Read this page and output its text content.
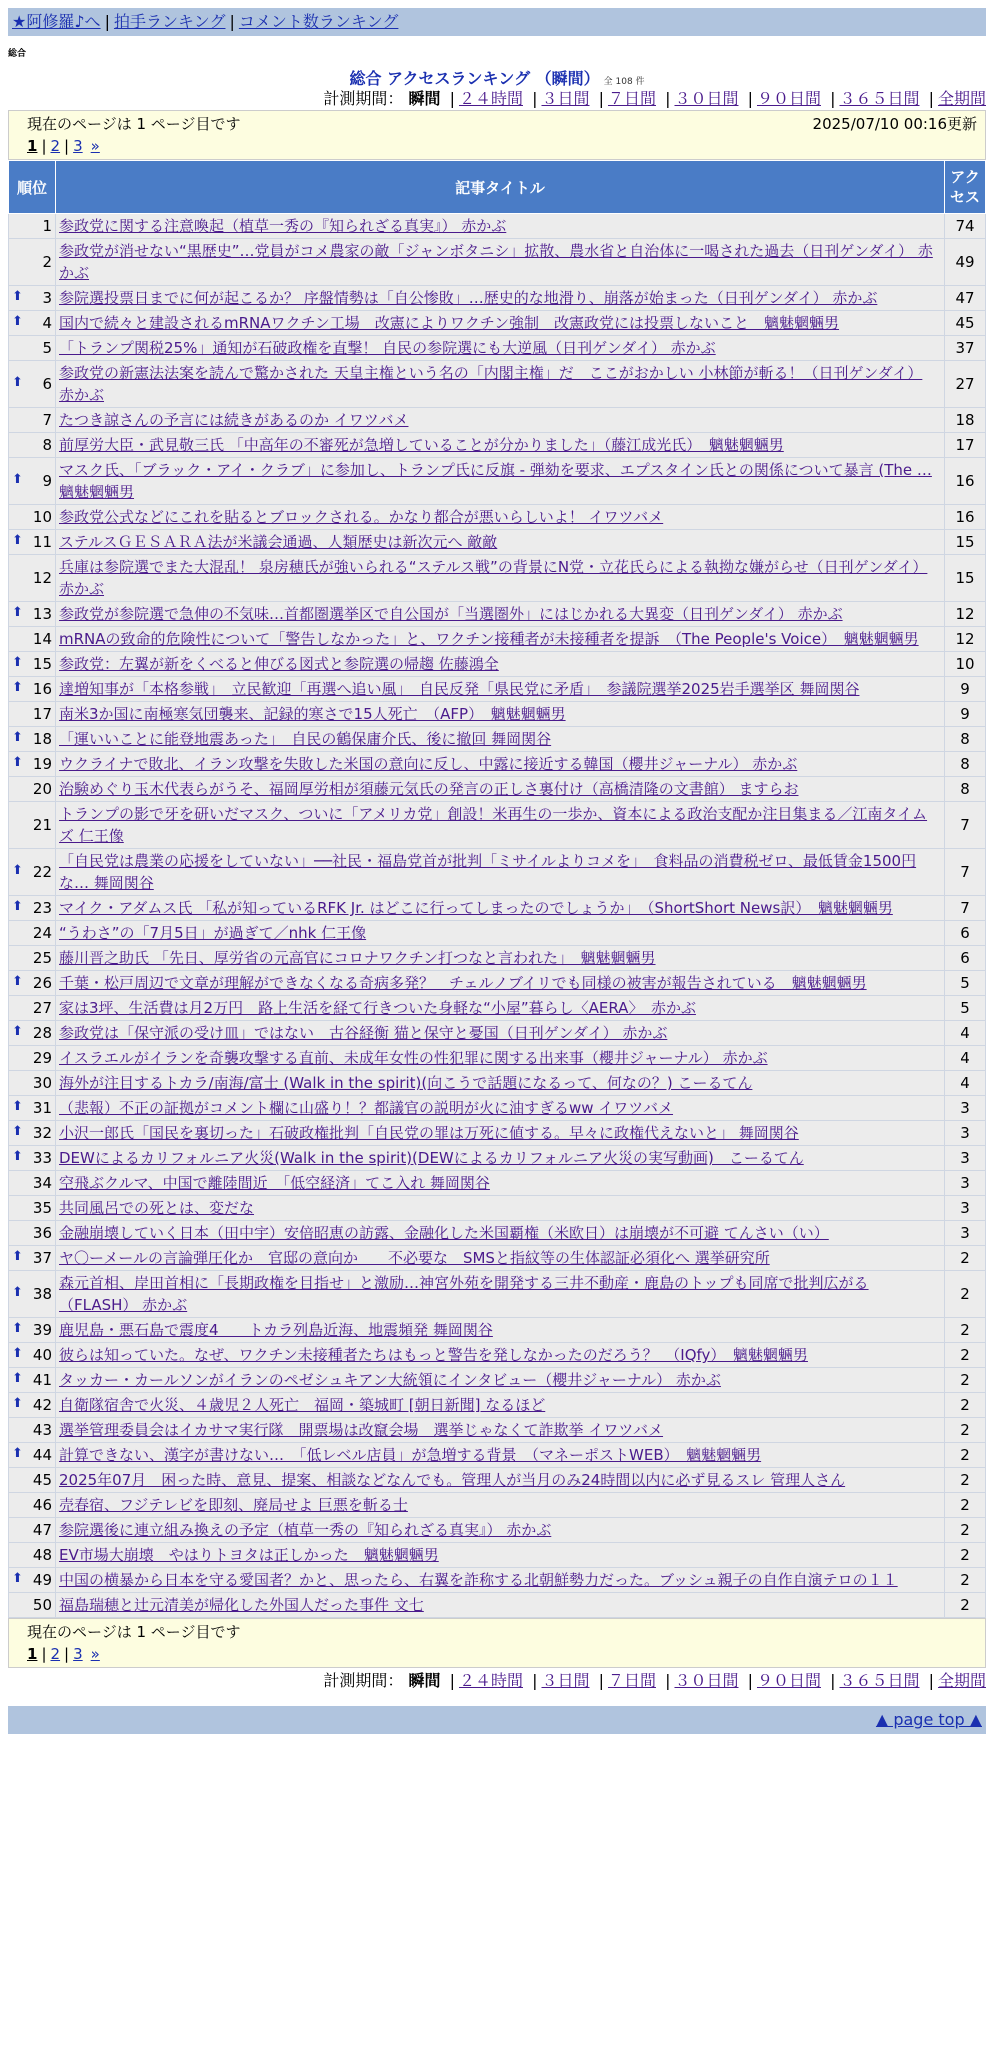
★阿修羅♪へ | 拍手ランキング | コメント数ランキング
総合
総合 アクセスランキング （瞬間） 全 108 件
計測期間： 瞬間 | ２４時間 | ３日間 | ７日間 | ３０日間 | ９０日間 | ３６５日間 | 全期間
現在のページは 1 ページ目です	2025/07/10 00:16更新
1 | 2 | 3 »
順位	記事タイトル	アクセス
1	参政党に関する注意喚起（植草一秀の『知られざる真実』） 赤かぶ	74
2	参政党が消せない“黒歴史”…党員がコメ農家の敵「ジャンボタニシ」拡散、農水省と自治体に一喝された過去（日刊ゲンダイ） 赤かぶ	49

⬆ 3	参院選投票日までに何が起こるか？ 序盤情勢は「自公惨敗」…歴史的な地滑り、崩落が始まった（日刊ゲンダイ） 赤かぶ	47

⬆ 4	国内で続々と建設されるmRNAワクチン工場　改憲によりワクチン強制　改憲政党には投票しないこと　魑魅魍魎男	45
5	「トランプ関税25%」通知が石破政権を直撃！ 自民の参院選にも大逆風（日刊ゲンダイ） 赤かぶ	37

⬆ 6	参政党の新憲法法案を読んで驚かされた 天皇主権という名の「内閣主権」だ　ここがおかしい 小林節が斬る！（日刊ゲンダイ） 赤かぶ	27
7	たつき諒さんの予言には続きがあるのか イワツバメ	18
8	前厚労大臣・武見敬三氏 「中高年の不審死が急増していることが分かりました」（藤江成光氏）　魑魅魍魎男	17

⬆ 9	マスク氏、「ブラック・アイ・クラブ」に参加し、トランプ氏に反旗 - 弾劾を要求、エプスタイン氏との関係について暴言 (The … 魑魅魍魎男	16
10	参政党公式などにこれを貼るとブロックされる。かなり都合が悪いらしいよ！ イワツバメ	16

⬆ 11	ステルスＧＥＳＡＲＡ法が米議会通過、人類歴史は新次元へ 敵敵	15
12	兵庫は参院選でまた大混乱！ 泉房穂氏が強いられる“ステルス戦”の背景にN党・立花氏らによる執拗な嫌がらせ（日刊ゲンダイ） 赤かぶ	15

⬆ 13	参政党が参院選で急伸の不気味…首都圏選挙区で自公国が「当選圏外」にはじかれる大異変（日刊ゲンダイ） 赤かぶ	12
14	mRNAの致命的危険性について「警告しなかった」と、ワクチン接種者が未接種者を提訴　（The People's Voice）　魑魅魍魎男	12

⬆ 15	参政党：左翼が新をくべると伸びる図式と参院選の帰趨 佐藤鴻全	10

⬆ 16	達増知事が「本格参戦」　立民歓迎「再選へ追い風」　自民反発「県民党に矛盾」　参議院選挙2025岩手選挙区 舞岡関谷	9
17	南米3か国に南極寒気団襲来、記録的寒さで15人死亡　（AFP）　魑魅魍魎男	9

⬆ 18	「運いいことに能登地震あった」　自民の鶴保庸介氏、後に撤回 舞岡関谷	8

⬆ 19	ウクライナで敗北、イラン攻撃を失敗した米国の意向に反し、中露に接近する韓国（櫻井ジャーナル） 赤かぶ	8
20	治験めぐり玉木代表らがうそ、福岡厚労相が須藤元気氏の発言の正しさ裏付け（高橋清隆の文書館） ますらお	8
21	トランプの影で牙を研いだマスク、ついに「アメリカ党」創設！米再生の一歩か、資本による政治支配か注目集まる／江南タイムズ 仁王像	7

⬆ 22	「自民党は農業の応援をしていない」──社民・福島党首が批判「ミサイルよりコメを」　食料品の消費税ゼロ、最低賃金1500円な… 舞岡関谷	7

⬆ 23	マイク・アダムス氏 「私が知っているRFK Jr. はどこに行ってしまったのでしょうか」　（ShortShort News訳）　魑魅魍魎男	7
24	“うわさ”の「7月5日」が過ぎて／nhk 仁王像	6
25	藤川晋之助氏 「先日、厚労省の元高官にコロナワクチン打つなと言われた」　魑魅魍魎男	6

⬆ 26	千葉・松戸周辺で文章が理解ができなくなる奇病多発？　チェルノブイリでも同様の被害が報告されている　魑魅魍魎男	5
27	家は3坪、生活費は月2万円　路上生活を経て行きついた身軽な“小屋”暮らし〈AERA〉　赤かぶ	5

⬆ 28	参政党は「保守派の受け皿」ではない　古谷経衡 猫と保守と憂国（日刊ゲンダイ） 赤かぶ	4
29	イスラエルがイランを奇襲攻撃する直前、未成年女性の性犯罪に関する出来事（櫻井ジャーナル） 赤かぶ	4
30	海外が注目するトカラ/南海/富士 (Walk in the spirit)(向こうで話題になるって、何なの？) こーるてん	4

⬆ 31	（悲報）不正の証拠がコメント欄に山盛り！？都議官の説明が火に油すぎるww イワツバメ	3

⬆ 32	小沢一郎氏「国民を裏切った」石破政権批判「自民党の罪は万死に値する。早々に政権代えないと」 舞岡関谷	3

⬆ 33	DEWによるカリフォルニア火災(Walk in the spirit)(DEWによるカリフォルニア火災の実写動画)　こーるてん	3
34	空飛ぶクルマ、中国で離陸間近　「低空経済」てこ入れ 舞岡関谷	3
35	共同風呂での死とは、変だな	3
36	金融崩壊していく日本（田中宇）安倍昭恵の訪露、金融化した米国覇権（米欧日）は崩壊が不可避 てんさい（い）	3

⬆ 37	ヤ〇ーメールの言論弾圧化か　官邸の意向か　　不必要な　SMSと指紋等の生体認証必須化へ 選挙研究所	2

⬆ 38	森元首相、岸田首相に「長期政権を目指せ」と激励…神宮外苑を開発する三井不動産・鹿島のトップも同席で批判広がる（FLASH） 赤かぶ	2

⬆ 39	鹿児島・悪石島で震度4　　トカラ列島近海、地震頻発 舞岡関谷	2

⬆ 40	彼らは知っていた。なぜ、ワクチン未接種者たちはもっと警告を発しなかったのだろう？　（IQfy）　魑魅魍魎男	2

⬆ 41	タッカー・カールソンがイランのペゼシュキアン大統領にインタビュー（櫻井ジャーナル） 赤かぶ	2

⬆ 42	自衛隊宿舎で火災、４歳児２人死亡　福岡・築城町 [朝日新聞] なるほど	2
43	選挙管理委員会はイカサマ実行隊　開票場は改竄会場　選挙じゃなくて詐欺挙 イワツバメ	2

⬆ 44	計算できない、漢字が書けない…　「低レベル店員」が急増する背景　（マネーポストWEB）　魑魅魍魎男	2
45	2025年07月　困った時、意見、提案、相談などなんでも。管理人が当月のみ24時間以内に必ず見るスレ 管理人さん	2
46	売春宿、フジテレビを即刻、廃局せよ 巨悪を斬る士	2
47	参院選後に連立組み換えの予定（植草一秀の『知られざる真実』） 赤かぶ	2
48	EV市場大崩壊　やはりトヨタは正しかった　魑魅魍魎男	2

⬆ 49	中国の横暴から日本を守る愛国者？かと、思ったら、右翼を詐称する北朝鮮勢力だった。ブッシュ親子の自作自演テロの１１	2
50	福島瑞穂と辻元清美が帰化した外国人だった事件 文七	2
現在のページは 1 ページ目です
1 | 2 | 3 »
計測期間： 瞬間 | ２４時間 | ３日間 | ７日間 | ３０日間 | ９０日間 | ３６５日間 | 全期間
▲ page top ▲
